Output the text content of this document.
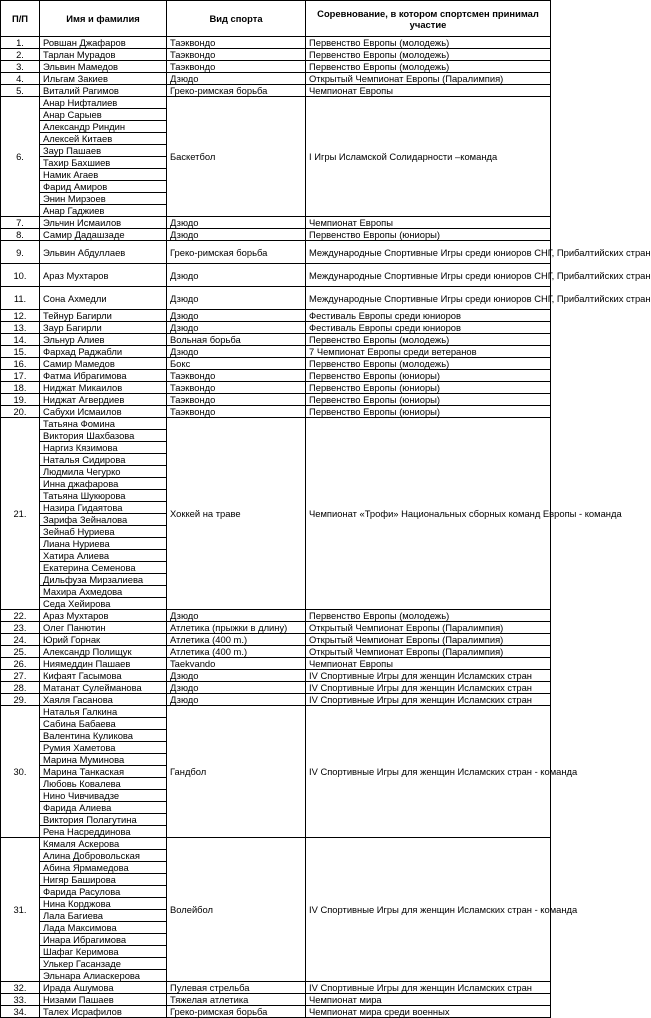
П/П	Имя и фамилия	Вид спорта	Соревнование, в котором спортсмен принимал участие
1.	Ровшан Джафаров	Таэквондо	Первенство Европы (молодежь)
2.	Тарлан Мурадов	Таэквондо	Первенство Европы (молодежь)
3.	Эльвин Мамедов	Таэквондо	Первенство Европы (молодежь)
4.	Ильгам Закиев	Дзюдо	Открытый Чемпионат Европы (Паралимпия)
5.	Виталий Рагимов	Греко-римская борьба	Чемпионат Европы
6.	Анар Нифталиев	Баскетбол	I Игры Исламской Солидарности –команда
	Анар Сарыев		
	Александр Риндин		
	Алексей Китаев		
	Заур Пашаев		
	Тахир Бахшиев		
	Намик Агаев		
	Фарид Амиров		
	Энин Мирзоев		
	Анар Гаджиев		
7.	Эльчин Исмаилов	Дзюдо	Чемпионат Европы
8.	Самир Дадашзаде	Дзюдо	Первенство Европы (юниоры)
9.	Эльвин Абдуллаев	Греко-римская борьба	Международные Спортивные Игры среди юниоров СНГ, Прибалтийских стран
10.	Араз Мухтаров	Дзюдо	Международные Спортивные Игры среди юниоров СНГ, Прибалтийских стран
11.	Сона Ахмедли	Дзюдо	Международные Спортивные Игры среди юниоров СНГ, Прибалтийских стран
12.	Тейнур Багирли	Дзюдо	Фестиваль Европы среди юниоров
13.	Заур Багирли	Дзюдо	Фестиваль Европы среди юниоров
14.	Эльнур Алиев	Вольная борьба	Первенство Европы (молодежь)
15.	Фархад Раджабли	Дзюдо	7 Чемпионат Европы среди ветеранов
16.	Самир Мамедов	Бокс	Первенство Европы (молодежь)
17.	Фатма Ибрагимова	Таэквондо	Первенство Европы (юниоры)
18.	Ниджат Микаилов	Таэквондо	Первенство Европы (юниоры)
19.	Ниджат Агвердиев	Таэквондо	Первенство Европы (юниоры)
20.	Сабухи Исмаилов	Таэквондо	Первенство Европы (юниоры)
21.	Татьяна Фомина	Хоккей на траве	Чемпионат «Трофи» Национальных сборных команд Европы - команда
	Виктория Шахбазова		
	Наргиз Кязимова		
	Наталья Сидирова		
	Людмила Чегурко		
	Инна джафарова		
	Татьяна Шукюрова		
	Назира Гидаятова		
	Зарифа Зейналова		
	Зейнаб Нуриева		
	Лиана Нуриева		
	Хатира Алиева		
	Екатерина Семенова		
	Дильфуза Мирзалиева		
	Махира Ахмедова		
	Седа Хейирова		
22.	Араз Мухтаров	Дзюдо	Первенство Европы (молодежь)
23.	Олег Панютин	Атлетика (прыжки в длину)	Открытый Чемпионат Европы (Паралимпия)
24.	Юрий Горнак	Атлетика (400 m.)	Открытый Чемпионат Европы (Паралимпия)
25.	Александр Полищук	Атлетика (400 m.)	Открытый Чемпионат Европы (Паралимпия)
26.	Ниямеддин Пашаев	Taekvando	Чемпионат Европы
27.	Кифаят Гасымова	Дзюдо	IV Спортивные Игры для женщин Исламских стран
28.	Матанат Сулейманова	Дзюдо	IV Спортивные Игры для женщин Исламских стран
29.	Хаяля Гасанова	Дзюдо	IV Спортивные Игры для женщин Исламских стран
30.	Наталья Галкина	Гандбол	IV Спортивные Игры для женщин Исламских стран - команда
	Сабина Бабаева		
	Валентина Куликова		
	Румия Хаметова		
	Марина Муминова		
	Марина Танкаская		
	Любовь Ковалева		
	Нино Чивчивадзе		
	Фарида Алиева		
	Виктория Полагутина		
	Рена Насреддинова		
31.	Кямаля Аскерова	Волейбол	IV Спортивные Игры для женщин Исламских стран - команда
	Алина Добровольская		
	Абина Ярмамедова		
	Нигяр Баширова		
	Фарида Расулова		
	Нина Корджова		
	Лала Багиева		
	Лада Максимова		
	Инара Ибрагимова		
	Шафаг Керимова		
	Улькер Гасанзаде		
	Эльнара Алиаскерова		
32.	Ирада Ашумова	Пулевая стрельба	IV Спортивные Игры для женщин Исламских стран
33.	Низами Пашаев	Тяжелая атлетика	Чемпионат мира
34.	Талех Исрафилов	Греко-римская борьба	Чемпионат мира среди военных
